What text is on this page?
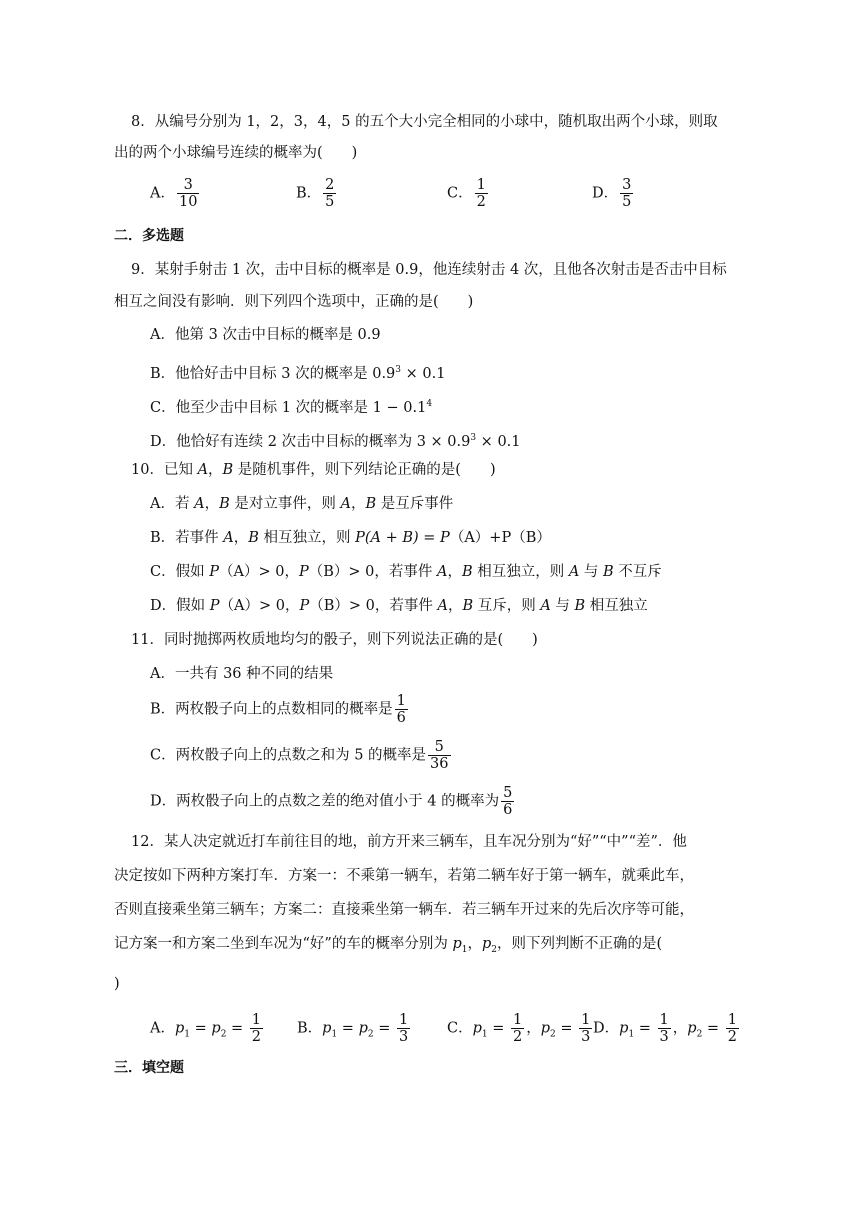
8．从编号分别为 1，2，3，4，5 的五个大小完全相同的小球中，随机取出两个小球，则取
出的两个小球编号连续的概率为(　　)
A． $\frac{3}{10}$	B． $\frac{2}{5}$	C． $\frac{1}{2}$	D． $\frac{3}{5}$
二．多选题
9．某射手射击 1 次，击中目标的概率是 0.9，他连续射击 4 次，且他各次射击是否击中目标
相互之间没有影响．则下列四个选项中，正确的是(　　)
A．他第 3 次击中目标的概率是 0.9
B．他恰好击中目标 3 次的概率是 $0.9^3 \times 0.1$
C．他至少击中目标 1 次的概率是 $1 - 0.1^4$
D．他恰好有连续 2 次击中目标的概率为 $3 \times 0.9^3 \times 0.1$
10．已知 A，B 是随机事件，则下列结论正确的是(　　)
A．若 A，B 是对立事件，则 A，B 是互斥事件
B．若事件 A，B 相互独立，则 P(A + B) = P（A）+P（B）
C．假如 P（A）> 0，P（B）> 0，若事件 A，B 相互独立，则 A 与 B 不互斥
D．假如 P（A）> 0，P（B）> 0，若事件 A，B 互斥，则 A 与 B 相互独立
11．同时抛掷两枚质地均匀的骰子，则下列说法正确的是(　　)
A．一共有 36 种不同的结果
B．两枚骰子向上的点数相同的概率是 $\frac{1}{6}$
C．两枚骰子向上的点数之和为 5 的概率是 $\frac{5}{36}$
D．两枚骰子向上的点数之差的绝对值小于 4 的概率为 $\frac{5}{6}$
12．某人决定就近打车前往目的地，前方开来三辆车，且车况分别为“好”“中”“差”．他
决定按如下两种方案打车．方案一：不乘第一辆车，若第二辆车好于第一辆车，就乘此车，
否则直接乘坐第三辆车；方案二：直接乘坐第一辆车．若三辆车开过来的先后次序等可能，
记方案一和方案二坐到车况为“好”的车的概率分别为 $p_1$，$p_2$，则下列判断不正确的是(
)
A．$p_1 = p_2 = \frac{1}{2}$ B．$p_1 = p_2 = \frac{1}{3}$	C．$p_1 = \frac{1}{2}$ ，$p_2 = \frac{1}{3}$ D．$p_1 = \frac{1}{3}$ ，$p_2 = \frac{1}{2}$
三．填空题
